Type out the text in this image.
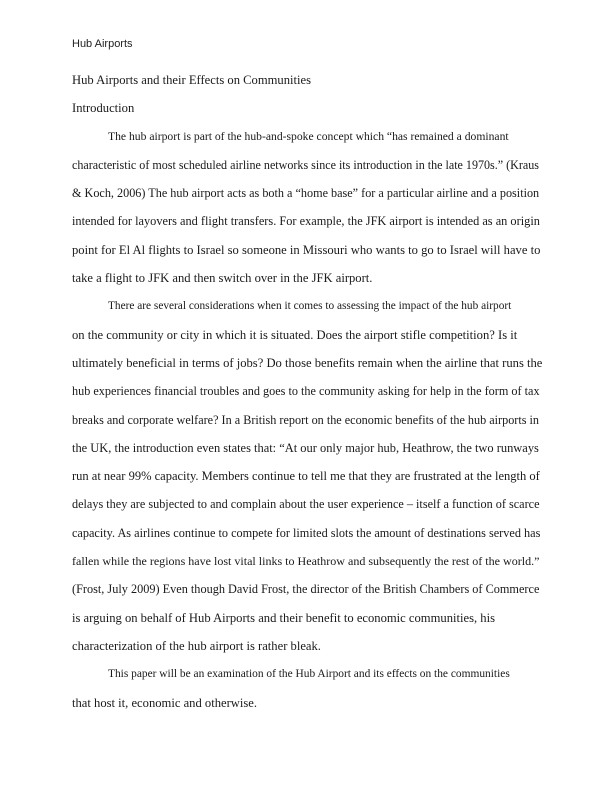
Hub Airports

Hub Airports and their Effects on Communities

Introduction

The hub airport is part of the hub-and-spoke concept which “has remained a dominant

characteristic of most scheduled airline networks since its introduction in the late 1970s.” (Kraus

& Koch, 2006) The hub airport acts as both a “home base” for a particular airline and a position

intended for layovers and flight transfers. For example, the JFK airport is intended as an origin

point for El Al flights to Israel so someone in Missouri who wants to go to Israel will have to

take a flight to JFK and then switch over in the JFK airport.

There are several considerations when it comes to assessing the impact of the hub airport

on the community or city in which it is situated. Does the airport stifle competition? Is it

ultimately beneficial in terms of jobs? Do those benefits remain when the airline that runs the

hub experiences financial troubles and goes to the community asking for help in the form of tax

breaks and corporate welfare? In a British report on the economic benefits of the hub airports in

the UK, the introduction even states that: “At our only major hub, Heathrow, the two runways

run at near 99% capacity. Members continue to tell me that they are frustrated at the length of

delays they are subjected to and complain about the user experience – itself a function of scarce

capacity. As airlines continue to compete for limited slots the amount of destinations served has

fallen while the regions have lost vital links to Heathrow and subsequently the rest of the world.”

(Frost, July 2009) Even though David Frost, the director of the British Chambers of Commerce

is arguing on behalf of Hub Airports and their benefit to economic communities, his

characterization of the hub airport is rather bleak.

This paper will be an examination of the Hub Airport and its effects on the communities

that host it, economic and otherwise.
